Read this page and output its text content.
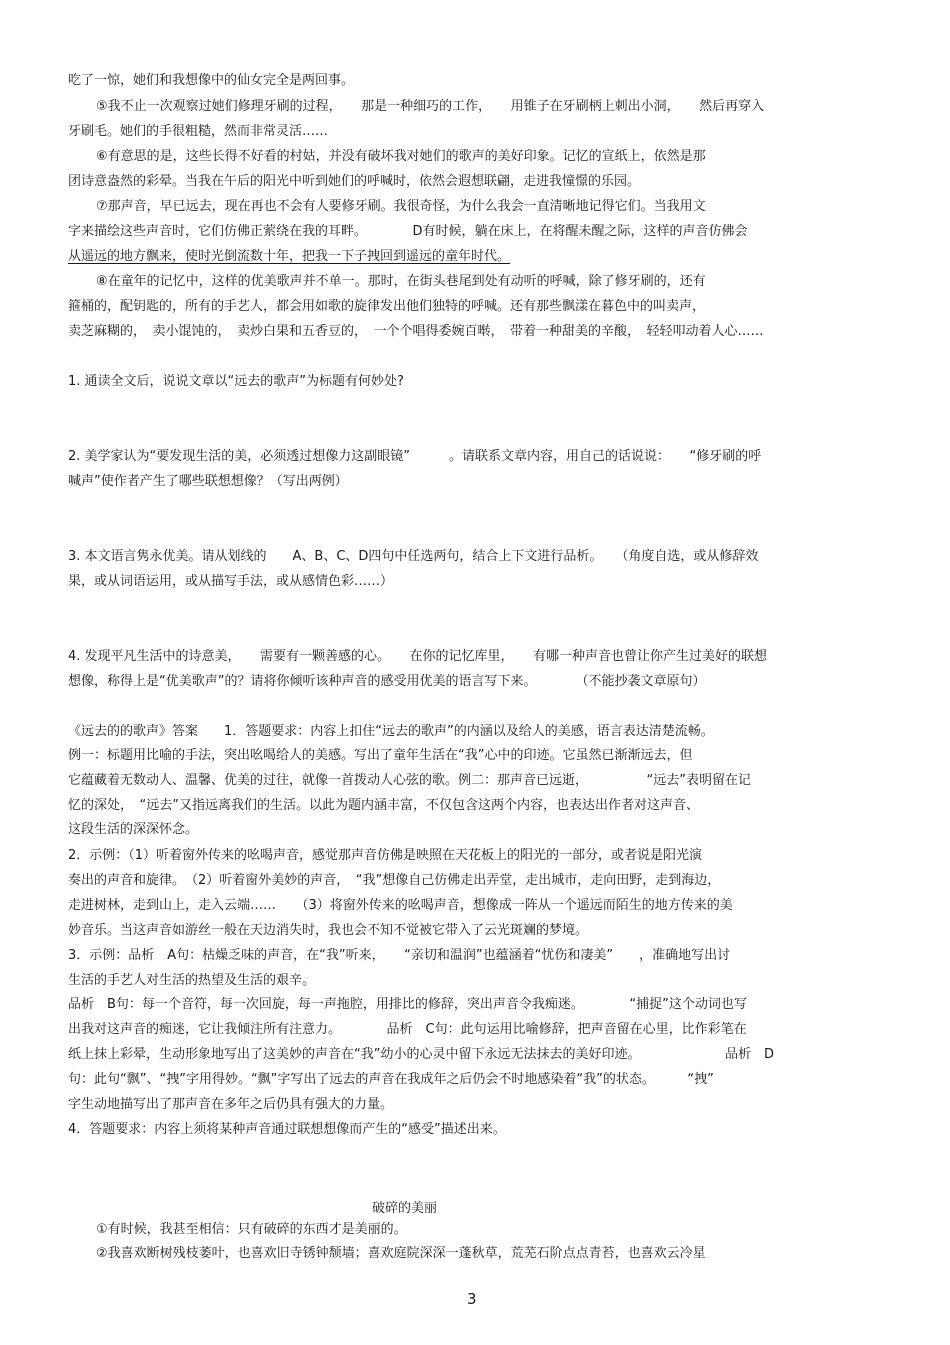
吃了一惊，她们和我想像中的仙女完全是两回事。
⑤我不止一次观察过她们修理牙刷的过程，　　那是一种细巧的工作，　　用锥子在牙刷柄上刺出小洞，　　然后再穿入
牙刷毛。她们的手很粗糙，然而非常灵活……
⑥有意思的是，这些长得不好看的村姑，并没有破坏我对她们的歌声的美好印象。记忆的宣纸上，依然是那
团诗意盎然的彩晕。当我在午后的阳光中听到她们的呼喊时，依然会遐想联翩，走进我憧憬的乐园。
⑦那声音，早已远去，现在再也不会有人要修牙刷。我很奇怪，为什么我会一直清晰地记得它们。当我用文
字来描绘这些声音时，它们仿佛正萦绕在我的耳畔。　　　　D有时候，躺在床上，在将醒未醒之际，这样的声音仿佛会
从遥远的地方飘来，使时光倒流数十年，把我一下子拽回到遥远的童年时代。
⑧在童年的记忆中，这样的优美歌声并不单一。那时，在街头巷尾到处有动听的呼喊，除了修牙刷的，还有
箍桶的，配钥匙的，所有的手艺人，都会用如歌的旋律发出他们独特的呼喊。还有那些飘漾在暮色中的叫卖声，
卖芝麻糊的，　卖小馄饨的，　卖炒白果和五香豆的，　一个个唱得委婉百啭，　带着一种甜美的辛酸，　轻轻叩动着人心……
1. 通读全文后，说说文章以“远去的歌声”为标题有何妙处?
2. 美学家认为“要发现生活的美，必须透过想像力这副眼镜”　　　。请联系文章内容，用自己的话说说：　　“修牙刷的呼
喊声”使作者产生了哪些联想想像？（写出两例）
3. 本文语言隽永优美。请从划线的　　A、B、C、D四句中任选两句，结合上下文进行品析。　　（角度自选，或从修辞效
果，或从词语运用，或从描写手法，或从感情色彩……）
4. 发现平凡生活中的诗意美，　　需要有一颗善感的心。　　在你的记忆库里，　　有哪一种声音也曾让你产生过美好的联想
想像，称得上是“优美歌声”的？请将你倾听该种声音的感受用优美的语言写下来。　　　　（不能抄袭文章原句）
《远去的的歌声》答案　　1．答题要求：内容上扣住“远去的歌声”的内涵以及给人的美感，语言表达清楚流畅。
例一：标题用比喻的手法，突出吆喝给人的美感。写出了童年生活在“我”心中的印迹。它虽然已渐渐远去，但
它蕴藏着无数动人、温馨、优美的过往，就像一首拨动人心弦的歌。例二：那声音已远逝，　　　　　“远去”表明留在记
忆的深处，　“远去”又指远离我们的生活。以此为题内涵丰富，不仅包含这两个内容，也表达出作者对这声音、
这段生活的深深怀念。
2．示例：（1）听着窗外传来的吆喝声音，感觉那声音仿佛是映照在天花板上的阳光的一部分，或者说是阳光演
奏出的声音和旋律。　（2）听着窗外美妙的声音，　“我”想像自己仿佛走出弄堂，走出城市，走向田野，走到海边，
走进树林，走到山上，走入云端……　　（3）将窗外传来的吆喝声音，想像成一阵从一个遥远而陌生的地方传来的美
妙音乐。当这声音如游丝一般在天边消失时，我也会不知不觉被它带入了云光斑斓的梦境。
3．示例：品析　A句：枯燥乏味的声音，在“我”听来，　　“亲切和温润”也蕴涵着“忧伤和凄美”　　，准确地写出讨
生活的手艺人对生活的热望及生活的艰辛。
品析　B句：每一个音符，每一次回旋，每一声拖腔，用排比的修辞，突出声音令我痴迷。　　　　“捕捉”这个动词也写
出我对这声音的痴迷，它让我倾注所有注意力。　　　　品析　C句：此句运用比喻修辞，把声音留在心里，比作彩笔在
纸上抹上彩晕，生动形象地写出了这美妙的声音在“我”幼小的心灵中留下永远无法抹去的美好印迹。　　　　　　　品析　D
句：此句“飘”、“拽”字用得妙。“飘”字写出了远去的声音在我成年之后仍会不时地感染着“我”的状态。　　　“拽”
字生动地描写出了那声音在多年之后仍具有强大的力量。
4．答题要求：内容上须将某种声音通过联想想像而产生的“感受”描述出来。
①有时候，我甚至相信：只有破碎的东西才是美丽的。
②我喜欢断树残枝萎叶，也喜欢旧寺锈钟颓墙；喜欢庭院深深一蓬秋草，荒芜石阶点点青苔，也喜欢云冷星
破碎的美丽
3
